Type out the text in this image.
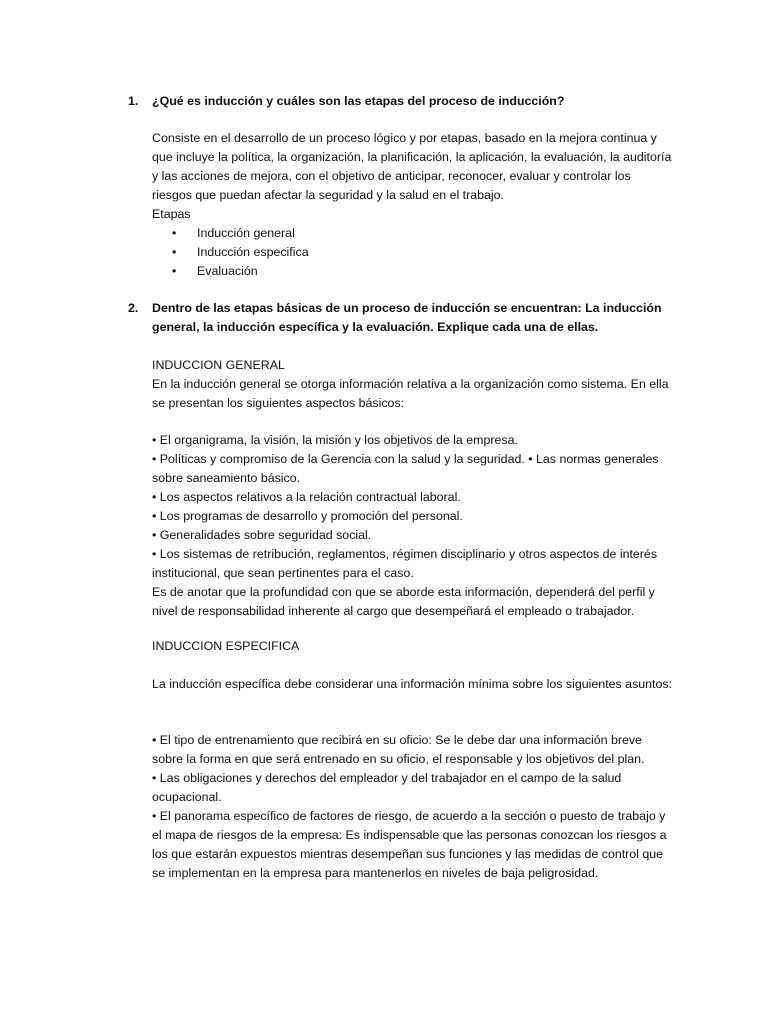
1. ¿Qué es inducción y cuáles son las etapas del proceso de inducción?

Consiste en el desarrollo de un proceso lógico y por etapas, basado en la mejora continua y que incluye la política, la organización, la planificación, la aplicación, la evaluación, la auditoría y las acciones de mejora, con el objetivo de anticipar, reconocer, evaluar y controlar los riesgos que puedan afectar la seguridad y la salud en el trabajo.

Etapas

• Inducción general
• Inducción especifica
• Evaluación
2. Dentro de las etapas básicas de un proceso de inducción se encuentran: La inducción general, la inducción específica y la evaluación. Explique cada una de ellas.

INDUCCION GENERAL

En la inducción general se otorga información relativa a la organización como sistema. En ella se presentan los siguientes aspectos básicos:

• El organigrama, la visión, la misión y los objetivos de la empresa.

• Políticas y compromiso de la Gerencia con la salud y la seguridad. • Las normas generales sobre saneamiento básico.

• Los aspectos relativos a la relación contractual laboral.

• Los programas de desarrollo y promoción del personal.

• Generalidades sobre seguridad social.

• Los sistemas de retribución, reglamentos, régimen disciplinario y otros aspectos de interés institucional, que sean pertinentes para el caso.

Es de anotar que la profundidad con que se aborde esta información, dependerá del perfil y nivel de responsabilidad inherente al cargo que desempeñará el empleado o trabajador.

INDUCCION ESPECIFICA

La inducción específica debe considerar una información mínima sobre los siguientes asuntos:

• El tipo de entrenamiento que recibirá en su oficio: Se le debe dar una información breve sobre la forma en que será entrenado en su oficio, el responsable y los objetivos del plan.

• Las obligaciones y derechos del empleador y del trabajador en el campo de la salud ocupacional.

• El panorama específico de factores de riesgo, de acuerdo a la sección o puesto de trabajo y el mapa de riesgos de la empresa: Es indispensable que las personas conozcan los riesgos a los que estarán expuestos mientras desempeñan sus funciones y las medidas de control que se implementan en la empresa para mantenerlos en niveles de baja peligrosidad.
